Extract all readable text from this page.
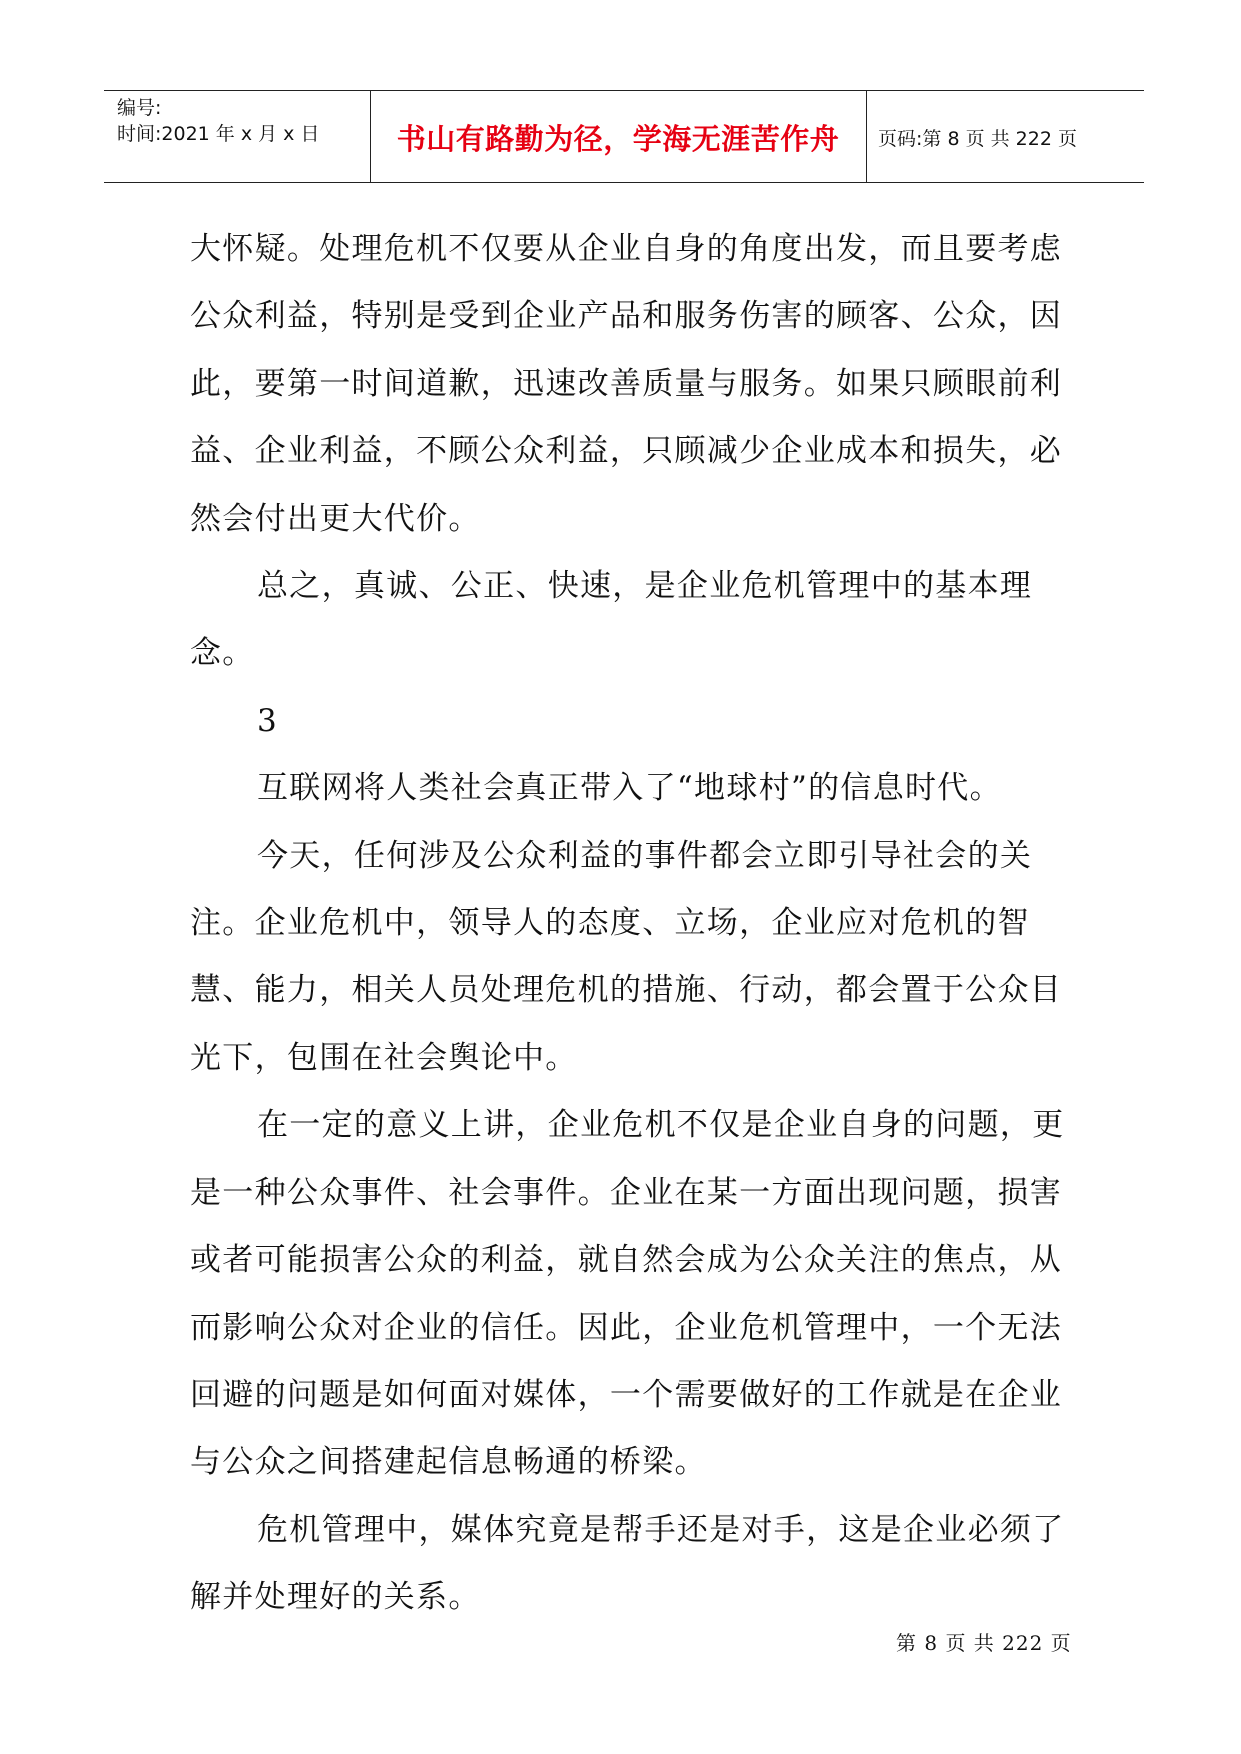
编号:
时间:2021 年 x 月 x 日	书山有路勤为径，学海无涯苦作舟	页码:第 8 页 共 222 页

大怀疑。处理危机不仅要从企业自身的角度出发，而且要考虑公众利益，特别是受到企业产品和服务伤害的顾客、公众，因此，要第一时间道歉，迅速改善质量与服务。如果只顾眼前利益、企业利益，不顾公众利益，只顾减少企业成本和损失，必然会付出更大代价。

总之，真诚、公正、快速，是企业危机管理中的基本理念。

3

互联网将人类社会真正带入了“地球村”的信息时代。

今天，任何涉及公众利益的事件都会立即引导社会的关注。企业危机中，领导人的态度、立场，企业应对危机的智慧、能力，相关人员处理危机的措施、行动，都会置于公众目光下，包围在社会舆论中。

在一定的意义上讲，企业危机不仅是企业自身的问题，更是一种公众事件、社会事件。企业在某一方面出现问题，损害或者可能损害公众的利益，就自然会成为公众关注的焦点，从而影响公众对企业的信任。因此，企业危机管理中，一个无法回避的问题是如何面对媒体，一个需要做好的工作就是在企业与公众之间搭建起信息畅通的桥梁。

危机管理中，媒体究竟是帮手还是对手，这是企业必须了解并处理好的关系。

第 8 页 共 222 页
